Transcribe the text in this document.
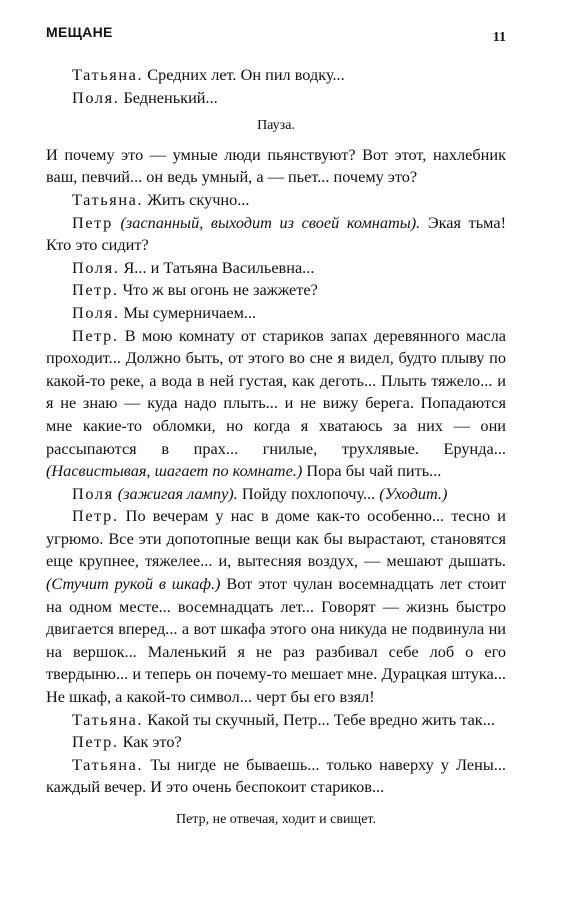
МЕЩАНЕ	11

Татьяна. Средних лет. Он пил водку...

Поля. Бедненький...

Пауза.

И почему это — умные люди пьянствуют? Вот этот, нахлебник ваш, певчий... он ведь умный, а — пьет... почему это?

Татьяна. Жить скучно...

Петр (заспанный, выходит из своей комнаты). Экая тьма! Кто это сидит?

Поля. Я... и Татьяна Васильевна...

Петр. Что ж вы огонь не зажжете?

Поля. Мы сумерничаем...

Петр. В мою комнату от стариков запах деревянного масла проходит... Должно быть, от этого во сне я видел, будто плыву по какой-то реке, а вода в ней густая, как деготь... Плыть тяжело... и я не знаю — куда надо плыть... и не вижу берега. Попадаются мне какие-то обломки, но когда я хватаюсь за них — они рассыпаются в прах... гнилые, трухлявые. Ерунда... (Насвистывая, шагает по комнате.) Пора бы чай пить...

Поля (зажигая лампу). Пойду похлопочу... (Уходит.)

Петр. По вечерам у нас в доме как-то особенно... тесно и угрюмо. Все эти допотопные вещи как бы вырастают, становятся еще крупнее, тяжелее... и, вытесняя воздух, — мешают дышать. (Стучит рукой в шкаф.) Вот этот чулан восемнадцать лет стоит на одном месте... восемнадцать лет... Говорят — жизнь быстро двигается вперед... а вот шкафа этого она никуда не подвинула ни на вершок... Маленький я не раз разбивал себе лоб о его твердыню... и теперь он почему-то мешает мне. Дурацкая штука... Не шкаф, а какой-то символ... черт бы его взял!

Татьяна. Какой ты скучный, Петр... Тебе вредно жить так...

Петр. Как это?

Татьяна. Ты нигде не бываешь... только наверху у Лены... каждый вечер. И это очень беспокоит стариков...

Петр, не отвечая, ходит и свищет.
